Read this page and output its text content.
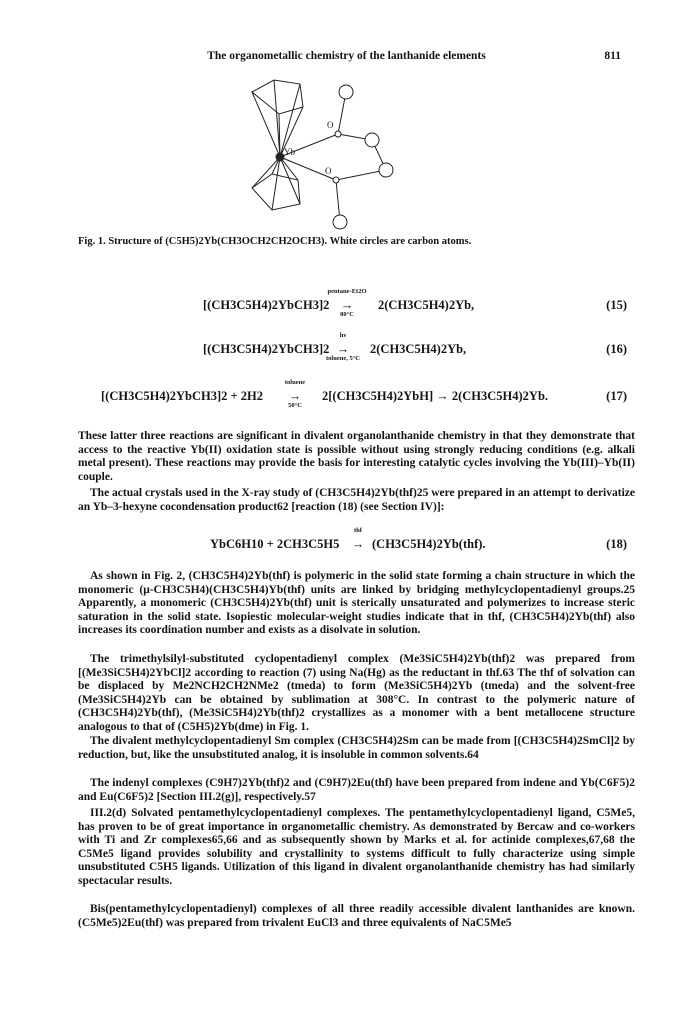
The organometallic chemistry of the lanthanide elements	811
Yb
O
O
Fig. 1. Structure of (C5H5)2Yb(CH3OCH2CH2OCH3). White circles are carbon atoms.
[(CH3C5H4)2YbCH3]2
pentane-Et2O
→
80°C
2(CH3C5H4)2Yb,	(15)
[(CH3C5H4)2YbCH3]2
hν
→
toluene, 5°C
2(CH3C5H4)2Yb,	(16)
[(CH3C5H4)2YbCH3]2 + 2H2
toluene
→
50°C
2[(CH3C5H4)2YbH] → 2(CH3C5H4)2Yb.	(17)

These latter three reactions are significant in divalent organolanthanide chemistry in that they demonstrate that access to the reactive Yb(II) oxidation state is possible without using strongly reducing conditions (e.g. alkali metal present). These reactions may provide the basis for interesting catalytic cycles involving the Yb(III)–Yb(II) couple.

The actual crystals used in the X-ray study of (CH3C5H4)2Yb(thf)25 were prepared in an attempt to derivatize an Yb–3-hexyne cocondensation product62 [reaction (18) (see Section IV)]:

YbC6H10 + 2CH3C5H5
thf
→ (CH3C5H4)2Yb(thf).	(18)

As shown in Fig. 2, (CH3C5H4)2Yb(thf) is polymeric in the solid state forming a chain structure in which the monomeric (μ-CH3C5H4)(CH3C5H4)Yb(thf) units are linked by bridging methylcyclopentadienyl groups.25 Apparently, a monomeric (CH3C5H4)2Yb(thf) unit is sterically unsaturated and polymerizes to increase steric saturation in the solid state. Isopiestic molecular-weight studies indicate that in thf, (CH3C5H4)2Yb(thf) also increases its coordination number and exists as a disolvate in solution.

The trimethylsilyl-substituted cyclopentadienyl complex (Me3SiC5H4)2Yb(thf)2 was prepared from [(Me3SiC5H4)2YbCl]2 according to reaction (7) using Na(Hg) as the reductant in thf.63 The thf of solvation can be displaced by Me2NCH2CH2NMe2 (tmeda) to form (Me3SiC5H4)2Yb (tmeda) and the solvent-free (Me3SiC5H4)2Yb can be obtained by sublimation at 308°C. In contrast to the polymeric nature of (CH3C5H4)2Yb(thf), (Me3SiC5H4)2Yb(thf)2 crystallizes as a monomer with a bent metallocene structure analogous to that of (C5H5)2Yb(dme) in Fig. 1.

The divalent methylcyclopentadienyl Sm complex (CH3C5H4)2Sm can be made from [(CH3C5H4)2SmCl]2 by reduction, but, like the unsubstituted analog, it is insoluble in common solvents.64

The indenyl complexes (C9H7)2Yb(thf)2 and (C9H7)2Eu(thf) have been prepared from indene and Yb(C6F5)2 and Eu(C6F5)2 [Section III.2(g)], respectively.57

III.2(d) Solvated pentamethylcyclopentadienyl complexes. The pentamethylcyclopentadienyl ligand, C5Me5, has proven to be of great importance in organometallic chemistry. As demonstrated by Bercaw and co-workers with Ti and Zr complexes65,66 and as subsequently shown by Marks et al. for actinide complexes,67,68 the C5Me5 ligand provides solubility and crystallinity to systems difficult to fully characterize using simple unsubstituted C5H5 ligands. Utilization of this ligand in divalent organolanthanide chemistry has had similarly spectacular results.

Bis(pentamethylcyclopentadienyl) complexes of all three readily accessible divalent lanthanides are known. (C5Me5)2Eu(thf) was prepared from trivalent EuCl3 and three equivalents of NaC5Me5
